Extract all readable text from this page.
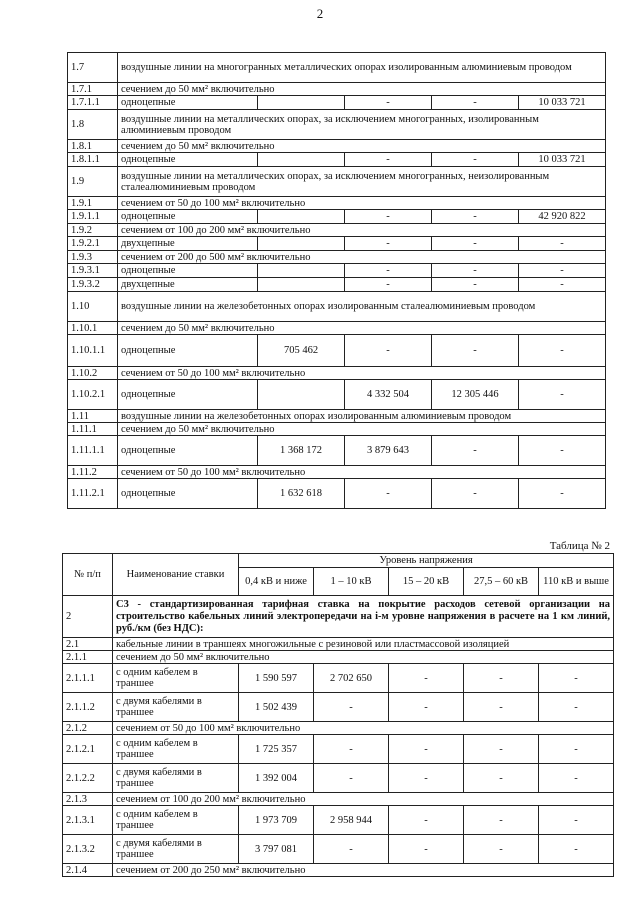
2
1.7	воздушные линии на многогранных металлических опорах изолированным алюминиевым проводом				
1.7.1	сечением до 50 мм² включительно				
1.7.1.1	одноцепные		-	-	10 033 721
1.8	воздушные линии на металлических опорах, за исключением многогранных, изолированным алюминиевым проводом				
1.8.1	сечением до 50 мм² включительно				
1.8.1.1	одноцепные		-	-	10 033 721
1.9	воздушные линии на металлических опорах, за исключением многогранных, неизолированным сталеалюминиевым проводом				
1.9.1	сечением от 50 до 100 мм² включительно				
1.9.1.1	одноцепные		-	-	42 920 822
1.9.2	сечением от 100 до 200 мм² включительно				
1.9.2.1	двухцепные		-	-	-
1.9.3	сечением от 200 до 500 мм² включительно				
1.9.3.1	одноцепные		-	-	-
1.9.3.2	двухцепные		-	-	-
1.10	воздушные линии на железобетонных опорах изолированным сталеалюминиевым проводом				
1.10.1	сечением до 50 мм² включительно				
1.10.1.1	одноцепные	705 462	-	-	-
1.10.2	сечением от 50 до 100 мм² включительно				
1.10.2.1	одноцепные		4 332 504	12 305 446	-
1.11	воздушные линии на железобетонных опорах изолированным алюминиевым проводом				
1.11.1	сечением до 50 мм² включительно				
1.11.1.1	одноцепные	1 368 172	3 879 643	-	-
1.11.2	сечением от 50 до 100 мм² включительно				
1.11.2.1	одноцепные	1 632 618	-	-	-
Таблица № 2
№ п/п	Наименование ставки	Уровень напряжения				
		0,4 кВ и ниже	1 – 10 кВ	15 – 20 кВ	27,5 – 60 кВ	110 кВ и выше
2	С3 - стандартизированная тарифная ставка на покрытие расходов сетевой организации на строительство кабельных линий электропередачи на i-м уровне напряжения в расчете на 1 км линий, руб./км (без НДС):					
2.1	кабельные линии в траншеях многожильные с резиновой или пластмассовой изоляцией					
2.1.1	сечением до 50 мм² включительно					
2.1.1.1	с одним кабелем в траншее	1 590 597	2 702 650	-	-	-
2.1.1.2	с двумя кабелями в траншее	1 502 439	-	-	-	-
2.1.2	сечением от 50 до 100 мм² включительно					
2.1.2.1	с одним кабелем в траншее	1 725 357	-	-	-	-
2.1.2.2	с двумя кабелями в траншее	1 392 004	-	-	-	-
2.1.3	сечением от 100 до 200 мм² включительно					
2.1.3.1	с одним кабелем в траншее	1 973 709	2 958 944	-	-	-
2.1.3.2	с двумя кабелями в траншее	3 797 081	-	-	-	-
2.1.4	сечением от 200 до 250 мм² включительно					
